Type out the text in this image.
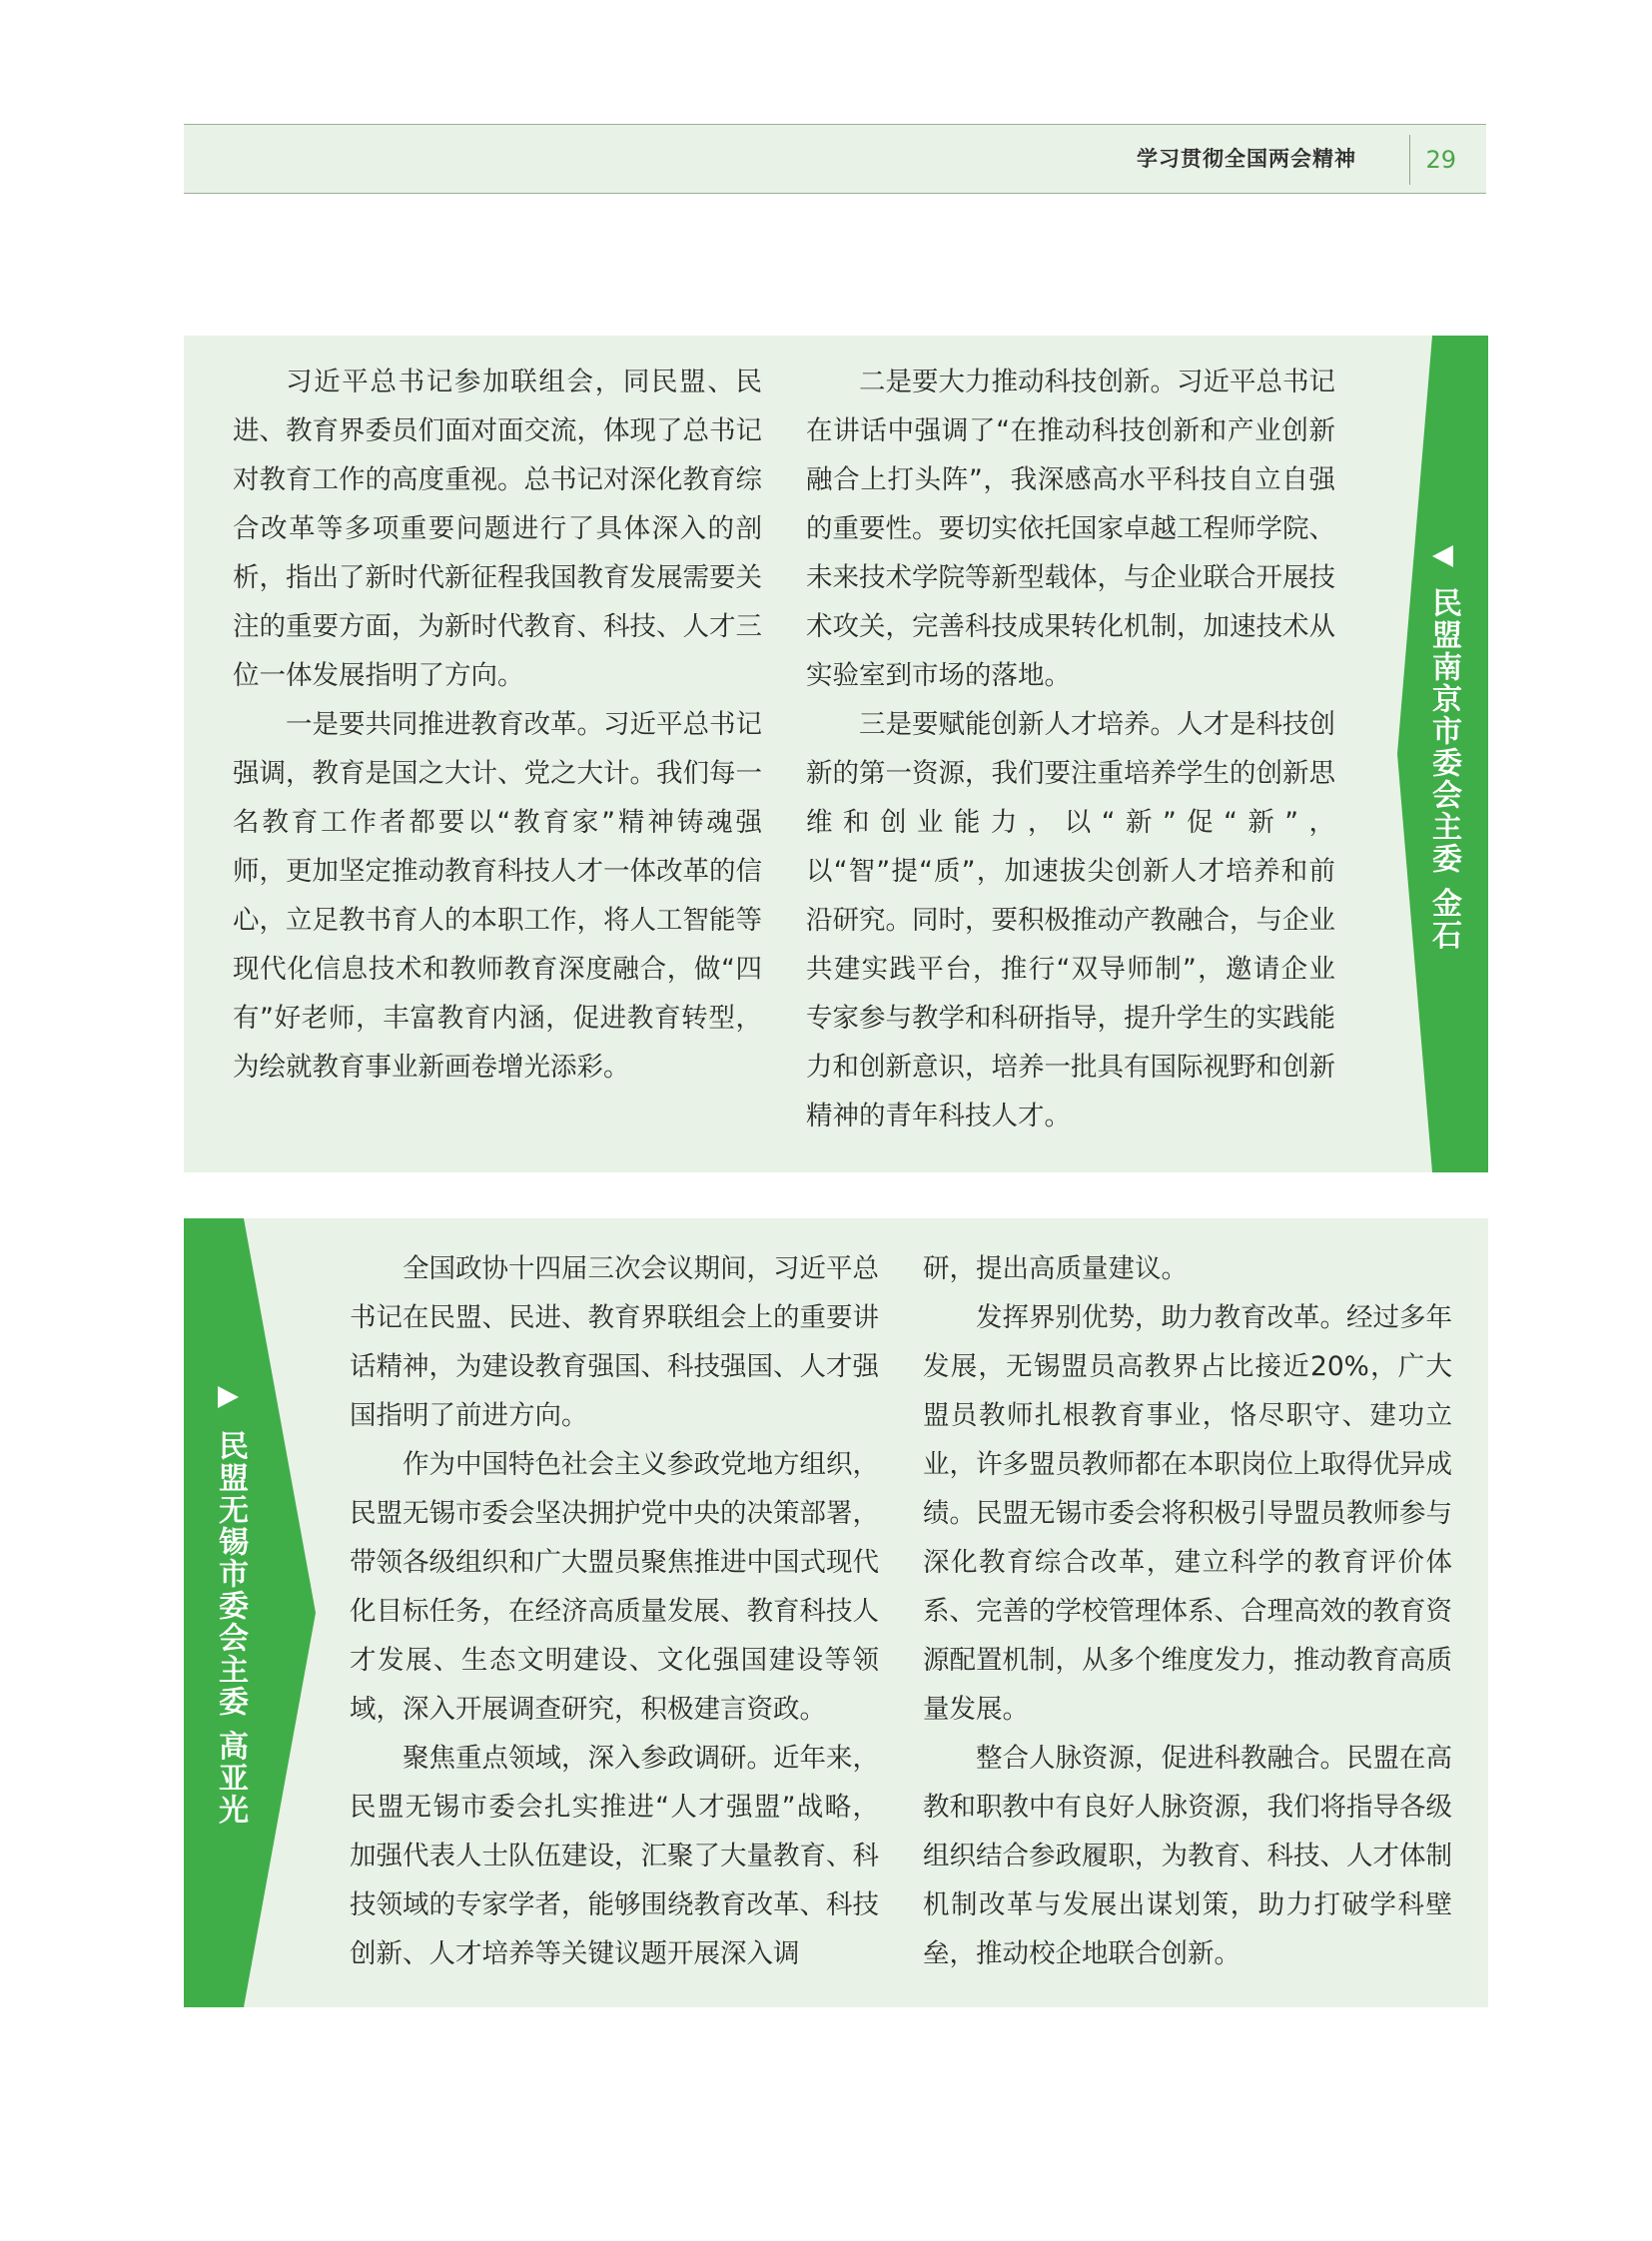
学习贯彻全国两会精神	29

习近平总书记参加联组会，同民盟、民进、教育界委员们面对面交流，体现了总书记对教育工作的高度重视。总书记对深化教育综合改革等多项重要问题进行了具体深入的剖析，指出了新时代新征程我国教育发展需要关注的重要方面，为新时代教育、科技、人才三位一体发展指明了方向。

一是要共同推进教育改革。习近平总书记强调，教育是国之大计、党之大计。我们每一名教育工作者都要以“教育家”精神铸魂强师，更加坚定推动教育科技人才一体改革的信心，立足教书育人的本职工作，将人工智能等现代化信息技术和教师教育深度融合，做“四有”好老师，丰富教育内涵，促进教育转型，为绘就教育事业新画卷增光添彩。

二是要大力推动科技创新。习近平总书记在讲话中强调了“在推动科技创新和产业创新融合上打头阵”，我深感高水平科技自立自强的重要性。要切实依托国家卓越工程师学院、未来技术学院等新型载体，与企业联合开展技术攻关，完善科技成果转化机制，加速技术从实验室到市场的落地。

三是要赋能创新人才培养。人才是科技创新的第一资源，我们要注重培养学生的创新思维和创业能力，以“新”促“新”，以“智”提“质”，加速拔尖创新人才培养和前沿研究。同时，要积极推动产教融合，与企业共建实践平台，推行“双导师制”，邀请企业专家参与教学和科研指导，提升学生的实践能力和创新意识，培养一批具有国际视野和创新精神的青年科技人才。

民盟南京市委会主委 金石

全国政协十四届三次会议期间，习近平总书记在民盟、民进、教育界联组会上的重要讲话精神，为建设教育强国、科技强国、人才强国指明了前进方向。

作为中国特色社会主义参政党地方组织，民盟无锡市委会坚决拥护党中央的决策部署，带领各级组织和广大盟员聚焦推进中国式现代化目标任务，在经济高质量发展、教育科技人才发展、生态文明建设、文化强国建设等领域，深入开展调查研究，积极建言资政。

聚焦重点领域，深入参政调研。近年来，民盟无锡市委会扎实推进“人才强盟”战略，加强代表人士队伍建设，汇聚了大量教育、科技领域的专家学者，能够围绕教育改革、科技创新、人才培养等关键议题开展深入调

研，提出高质量建议。

发挥界别优势，助力教育改革。经过多年发展，无锡盟员高教界占比接近20%，广大盟员教师扎根教育事业，恪尽职守、建功立业，许多盟员教师都在本职岗位上取得优异成绩。民盟无锡市委会将积极引导盟员教师参与深化教育综合改革，建立科学的教育评价体系、完善的学校管理体系、合理高效的教育资源配置机制，从多个维度发力，推动教育高质量发展。

整合人脉资源，促进科教融合。民盟在高教和职教中有良好人脉资源，我们将指导各级组织结合参政履职，为教育、科技、人才体制机制改革与发展出谋划策，助力打破学科壁垒，推动校企地联合创新。

民盟无锡市委会主委 高亚光
